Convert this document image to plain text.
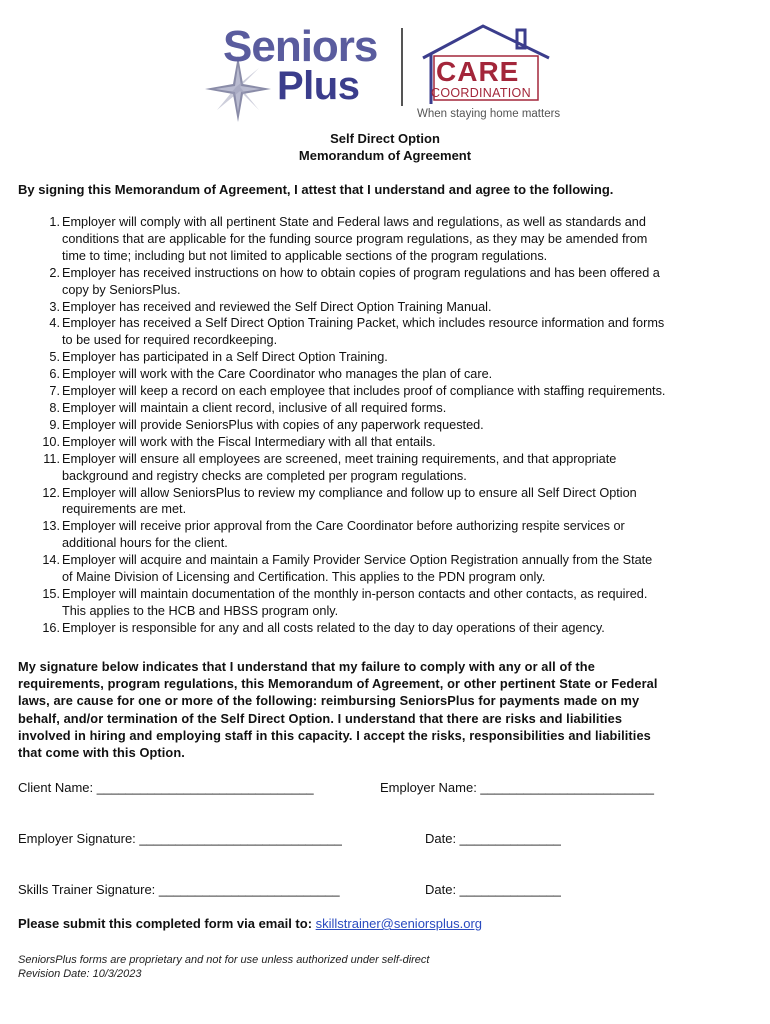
Seniors
Plus	CARE
COORDINATION
When staying home matters
Self Direct Option
Memorandum of Agreement
By signing this Memorandum of Agreement, I attest that I understand and agree to the following.
1. Employer will comply with all pertinent State and Federal laws and regulations, as well as standards and
conditions that are applicable for the funding source program regulations, as they may be amended from
time to time; including but not limited to applicable sections of the program regulations.
2. Employer has received instructions on how to obtain copies of program regulations and has been offered a
copy by SeniorsPlus.
3. Employer has received and reviewed the Self Direct Option Training Manual.
4. Employer has received a Self Direct Option Training Packet, which includes resource information and forms
to be used for required recordkeeping.
5. Employer has participated in a Self Direct Option Training.
6. Employer will work with the Care Coordinator who manages the plan of care.
7. Employer will keep a record on each employee that includes proof of compliance with staffing requirements.
8. Employer will maintain a client record, inclusive of all required forms.
9. Employer will provide SeniorsPlus with copies of any paperwork requested.
10. Employer will work with the Fiscal Intermediary with all that entails.
11. Employer will ensure all employees are screened, meet training requirements, and that appropriate
background and registry checks are completed per program regulations.
12. Employer will allow SeniorsPlus to review my compliance and follow up to ensure all Self Direct Option
requirements are met.
13. Employer will receive prior approval from the Care Coordinator before authorizing respite services or
additional hours for the client.
14. Employer will acquire and maintain a Family Provider Service Option Registration annually from the State
of Maine Division of Licensing and Certification. This applies to the PDN program only.
15. Employer will maintain documentation of the monthly in-person contacts and other contacts, as required.
This applies to the HCB and HBSS program only.
16. Employer is responsible for any and all costs related to the day to day operations of their agency.
My signature below indicates that I understand that my failure to comply with any or all of the
requirements, program regulations, this Memorandum of Agreement, or other pertinent State or Federal
laws, are cause for one or more of the following: reimbursing SeniorsPlus for payments made on my
behalf, and/or termination of the Self Direct Option. I understand that there are risks and liabilities
involved in hiring and employing staff in this capacity. I accept the risks, responsibilities and liabilities
that come with this Option.
Client Name: ______________________________	Employer Name: ________________________
Employer Signature: ____________________________	Date: ______________
Skills Trainer Signature: _________________________	Date: ______________
Please submit this completed form via email to: skillstrainer@seniorsplus.org
SeniorsPlus forms are proprietary and not for use unless authorized under self-direct
Revision Date: 10/3/2023
